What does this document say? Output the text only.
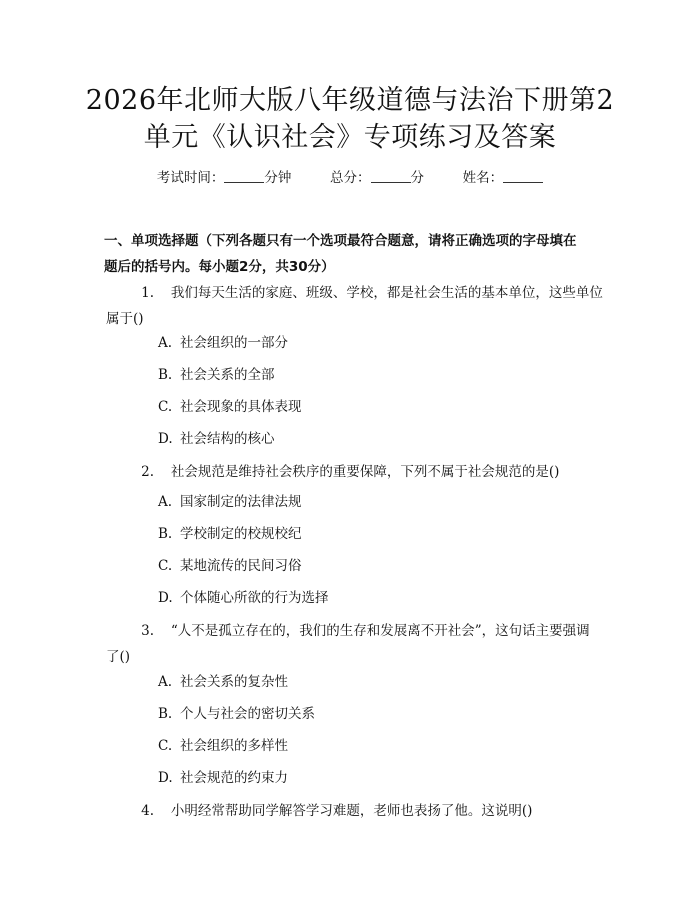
2026年北师大版八年级道德与法治下册第2
单元《认识社会》专项练习及答案
考试时间：	分钟	总分：	分	姓名：
一、单项选择题（下列各题只有一个选项最符合题意，请将正确选项的字母填在
题后的括号内。每小题2分，共30分）
1. 我们每天生活的家庭、班级、学校，都是社会生活的基本单位，这些单位
属于()
A. 社会组织的一部分
B. 社会关系的全部
C. 社会现象的具体表现
D. 社会结构的核心
2. 社会规范是维持社会秩序的重要保障，下列不属于社会规范的是()
A. 国家制定的法律法规
B. 学校制定的校规校纪
C. 某地流传的民间习俗
D. 个体随心所欲的行为选择
3. “人不是孤立存在的，我们的生存和发展离不开社会”，这句话主要强调
了()
A. 社会关系的复杂性
B. 个人与社会的密切关系
C. 社会组织的多样性
D. 社会规范的约束力
4. 小明经常帮助同学解答学习难题，老师也表扬了他。这说明()
